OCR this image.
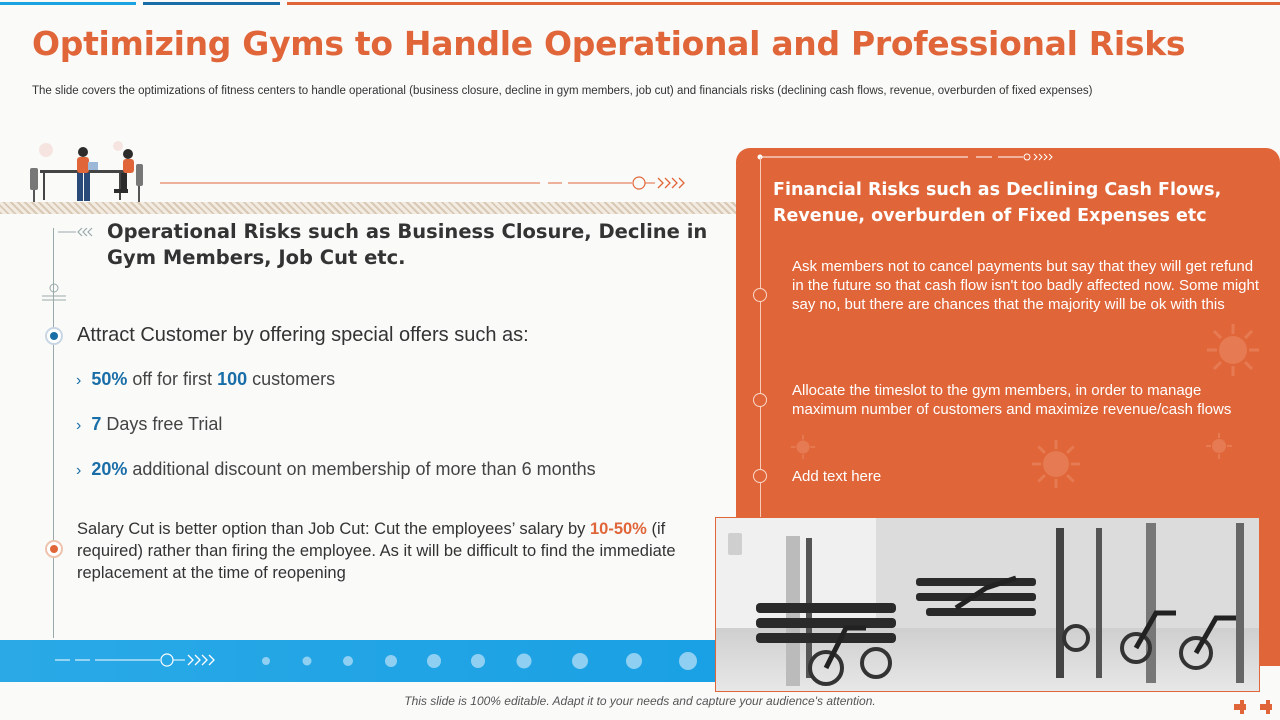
Optimizing Gyms to Handle Operational and Professional Risks

The slide covers the optimizations of fitness centers to handle operational (business closure, decline in gym members, job cut) and financials risks (declining cash flows, revenue, overburden of fixed expenses)

Operational Risks such as Business Closure, Decline in Gym Members, Job Cut etc.

Attract Customer by offering special offers such as:

› 50% off for first 100 customers
› 7 Days free Trial
› 20% additional discount on membership of more than 6 months

Salary Cut is better option than Job Cut: Cut the employees’ salary by 10-50% (if required) rather than firing the employee. As it will be difficult to find the immediate replacement at the time of reopening

Financial Risks such as Declining Cash Flows, Revenue, overburden of Fixed Expenses etc

Ask members not to cancel payments but say that they will get refund in the future so that cash flow isn't too badly affected now. Some might say no, but there are chances that the majority will be ok with this

Allocate the timeslot to the gym members, in order to manage maximum number of customers and maximize revenue/cash flows

Add text here

This slide is 100% editable. Adapt it to your needs and capture your audience's attention.
